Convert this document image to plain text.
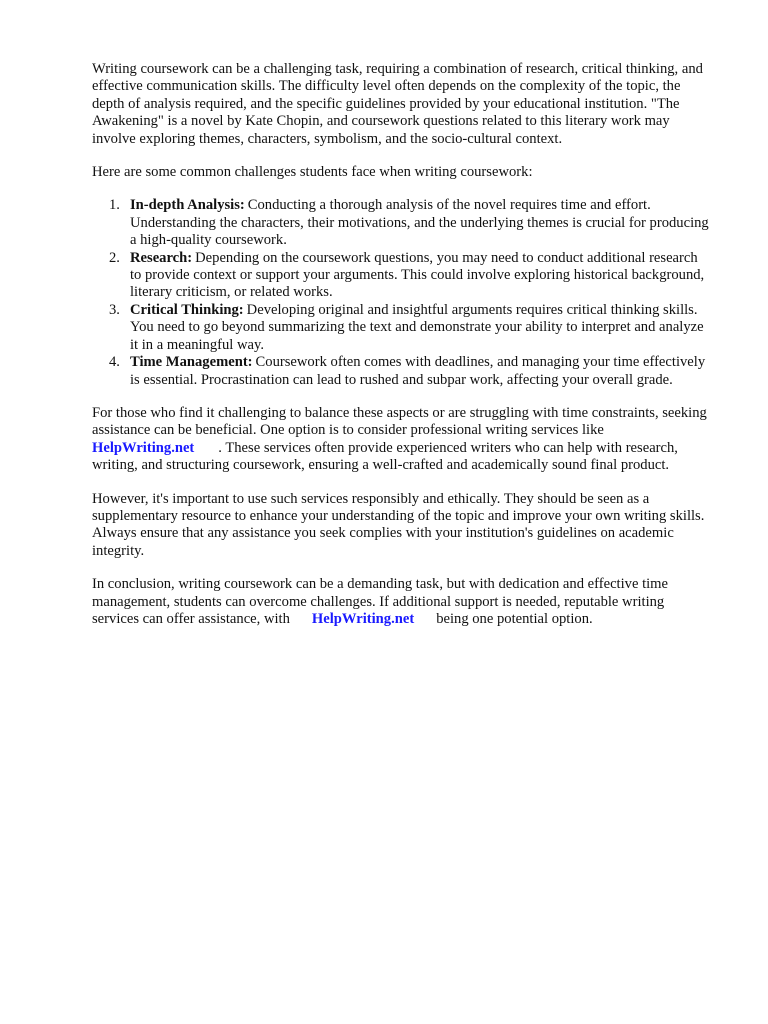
Writing coursework can be a challenging task, requiring a combination of research, critical thinking, and effective communication skills. The difficulty level often depends on the complexity of the topic, the depth of analysis required, and the specific guidelines provided by your educational institution. "The Awakening" is a novel by Kate Chopin, and coursework questions related to this literary work may involve exploring themes, characters, symbolism, and the socio-cultural context.

Here are some common challenges students face when writing coursework:

1. In-depth Analysis: Conducting a thorough analysis of the novel requires time and effort. Understanding the characters, their motivations, and the underlying themes is crucial for producing a high-quality coursework.
2. Research: Depending on the coursework questions, you may need to conduct additional research to provide context or support your arguments. This could involve exploring historical background, literary criticism, or related works.
3. Critical Thinking: Developing original and insightful arguments requires critical thinking skills. You need to go beyond summarizing the text and demonstrate your ability to interpret and analyze it in a meaningful way.
4. Time Management: Coursework often comes with deadlines, and managing your time effectively is essential. Procrastination can lead to rushed and subpar work, affecting your overall grade.

For those who find it challenging to balance these aspects or are struggling with time constraints, seeking assistance can be beneficial. One option is to consider professional writing services like
HelpWriting.net . These services often provide experienced writers who can help with research, writing, and structuring coursework, ensuring a well-crafted and academically sound final product.

However, it's important to use such services responsibly and ethically. They should be seen as a supplementary resource to enhance your understanding of the topic and improve your own writing skills. Always ensure that any assistance you seek complies with your institution's guidelines on academic integrity.

In conclusion, writing coursework can be a demanding task, but with dedication and effective time management, students can overcome challenges. If additional support is needed, reputable writing services can offer assistance, with HelpWriting.net being one potential option.
